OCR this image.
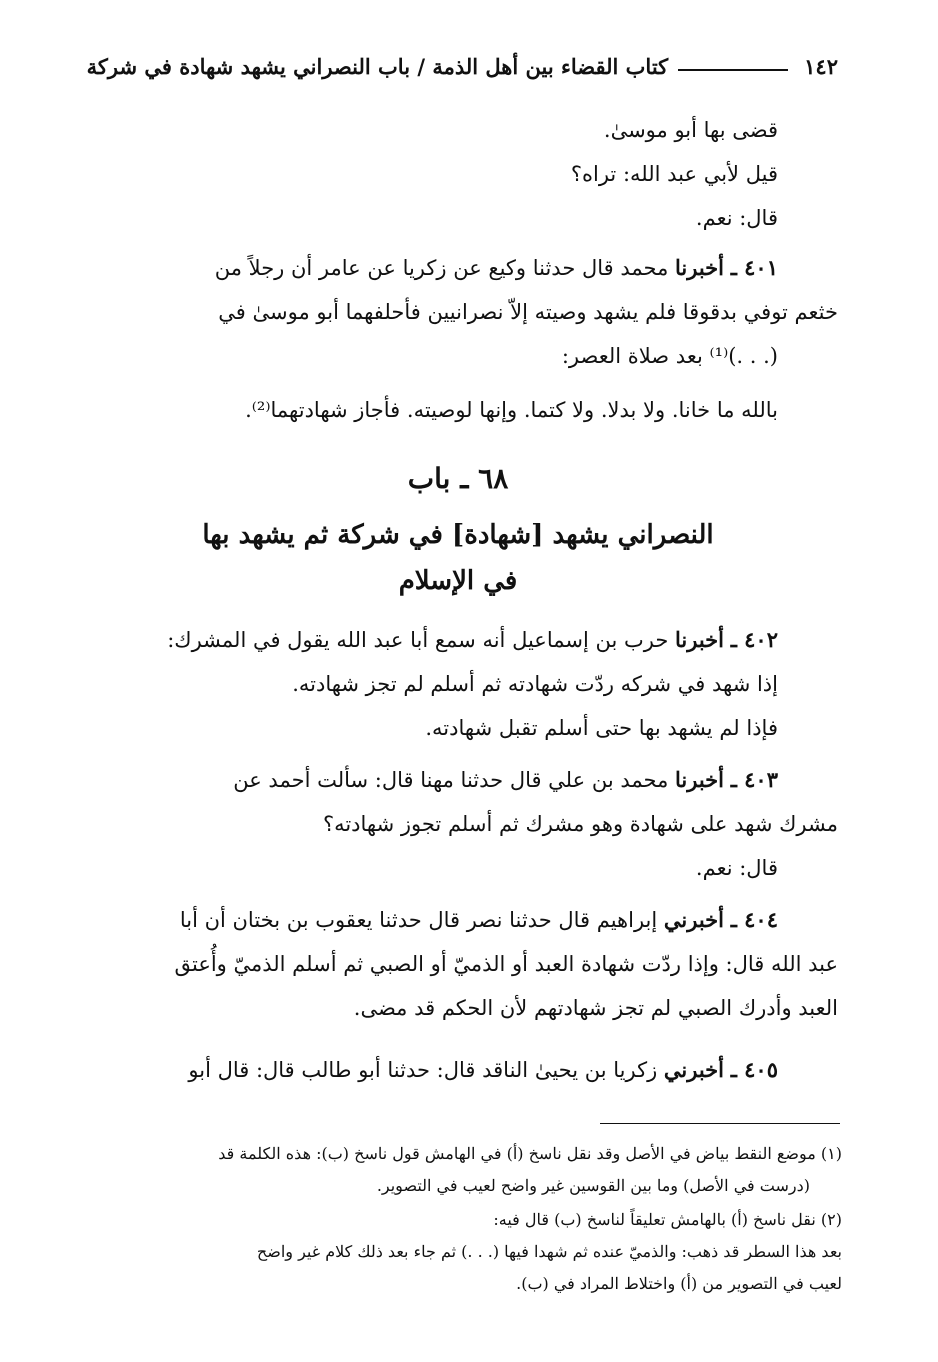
١٤٢
كتاب القضاء بين أهل الذمة / باب النصراني يشهد شهادة في شركة
قضى بها أبو موسىٰ.
قيل لأبي عبد الله: تراه؟
قال: نعم.
٤٠١ ـ أخبرنا محمد قال حدثنا وكيع عن زكريا عن عامر أن رجلاً من
خثعم توفي بدقوقا فلم يشهد وصيته إلاّ نصرانيين فأحلفهما أبو موسىٰ في
(. . .)⁽¹⁾ بعد صلاة العصر:
بالله ما خانا. ولا بدلا. ولا كتما. وإنها لوصيته. فأجاز شهادتهما⁽²⁾.
٦٨ ـ باب
النصراني يشهد [شهادة] في شركة ثم يشهد بها
في الإسلام
٤٠٢ ـ أخبرنا حرب بن إسماعيل أنه سمع أبا عبد الله يقول في المشرك:
إذا شهد في شركه ردّت شهادته ثم أسلم لم تجز شهادته.
فإذا لم يشهد بها حتى أسلم تقبل شهادته.
٤٠٣ ـ أخبرنا محمد بن علي قال حدثنا مهنا قال: سألت أحمد عن
مشرك شهد على شهادة وهو مشرك ثم أسلم تجوز شهادته؟
قال: نعم.
٤٠٤ ـ أخبرني إبراهيم قال حدثنا نصر قال حدثنا يعقوب بن بختان أن أبا
عبد الله قال: وإذا ردّت شهادة العبد أو الذميّ أو الصبي ثم أسلم الذميّ وأُعتق
العبد وأدرك الصبي لم تجز شهادتهم لأن الحكم قد مضى.
٤٠٥ ـ أخبرني زكريا بن يحيىٰ الناقد قال: حدثنا أبو طالب قال: قال أبو
(١) موضع النقط بياض في الأصل وقد نقل ناسخ (أ) في الهامش قول ناسخ (ب): هذه الكلمة قد
(درست في الأصل) وما بين القوسين غير واضح لعيب في التصوير.
(٢) نقل ناسخ (أ) بالهامش تعليقاً لناسخ (ب) قال فيه:
بعد هذا السطر قد ذهب: والذميّ عنده ثم شهدا فيها (. . .) ثم جاء بعد ذلك كلام غير واضح
لعيب في التصوير من (أ) واختلاط المراد في (ب).
